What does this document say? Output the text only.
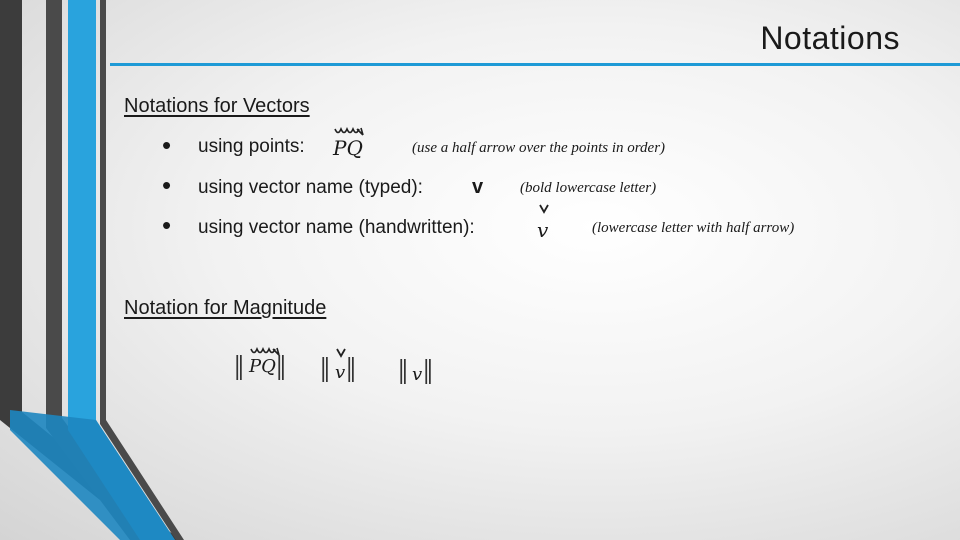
Notations
Notations for Vectors
• using points: PQ	(use a half arrow over the points in order)
• using vector name (typed): v (bold lowercase letter)
• using vector name (handwritten):	v	(lowercase letter with half arrow)
Notation for Magnitude
‖ PQ ‖ ‖ v ‖ ‖ v ‖
